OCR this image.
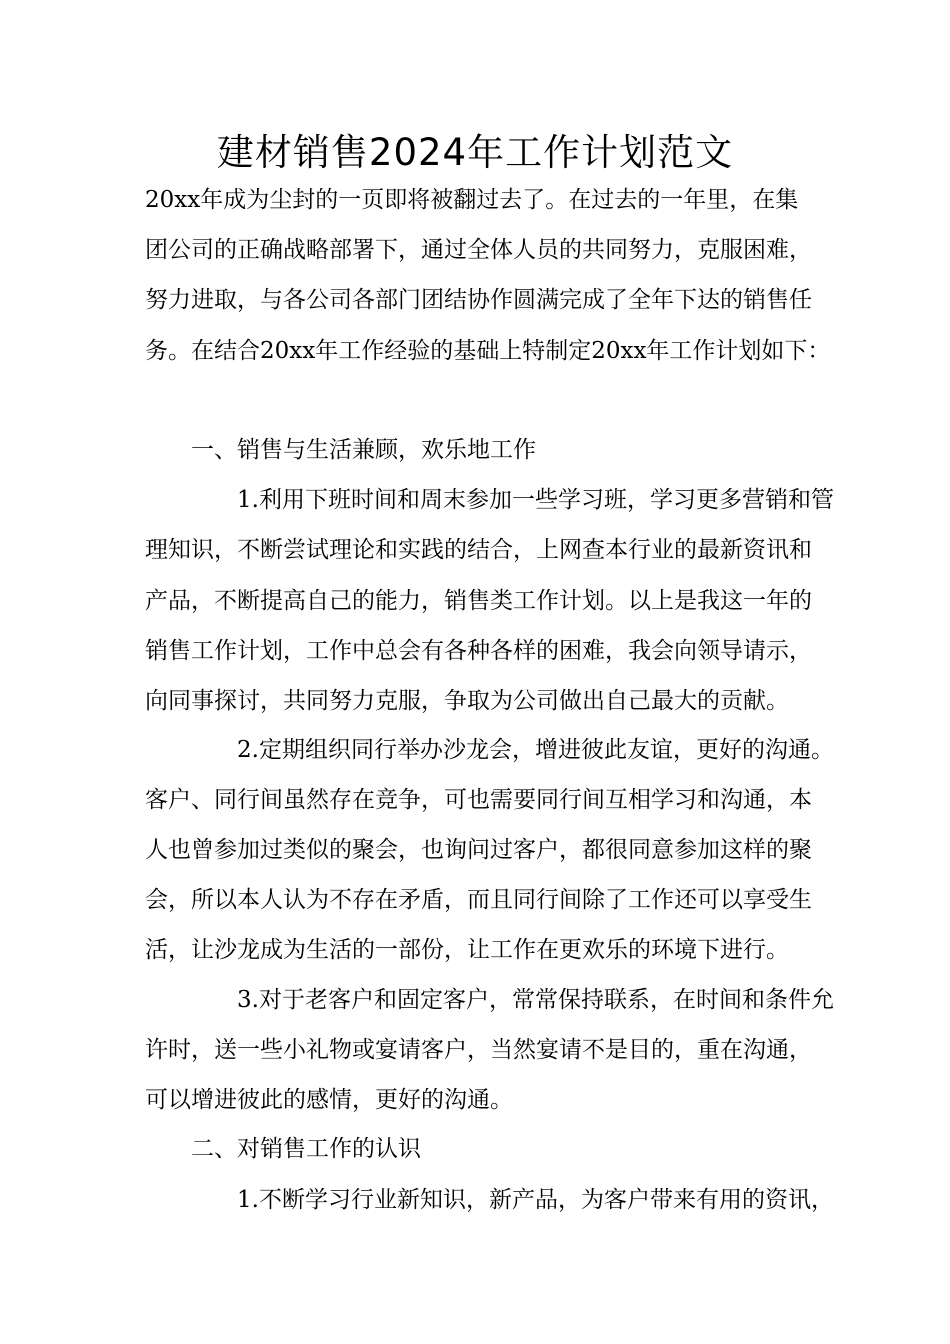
建材销售2024年工作计划范文

20xx年成为尘封的一页即将被翻过去了。在过去的一年里，在集

团公司的正确战略部署下，通过全体人员的共同努力，克服困难，

努力进取，与各公司各部门团结协作圆满完成了全年下达的销售任

务。在结合20xx年工作经验的基础上特制定20xx年工作计划如下：

　　一、销售与生活兼顾，欢乐地工作

　　　　1.利用下班时间和周末参加一些学习班，学习更多营销和管

理知识，不断尝试理论和实践的结合，上网查本行业的最新资讯和

产品，不断提高自己的能力，销售类工作计划。以上是我这一年的

销售工作计划，工作中总会有各种各样的困难，我会向领导请示，

向同事探讨，共同努力克服，争取为公司做出自己最大的贡献。

　　　　2.定期组织同行举办沙龙会，增进彼此友谊，更好的沟通。

客户、同行间虽然存在竞争，可也需要同行间互相学习和沟通，本

人也曾参加过类似的聚会，也询问过客户，都很同意参加这样的聚

会，所以本人认为不存在矛盾，而且同行间除了工作还可以享受生

活，让沙龙成为生活的一部份，让工作在更欢乐的环境下进行。

　　　　3.对于老客户和固定客户，常常保持联系，在时间和条件允

许时，送一些小礼物或宴请客户，当然宴请不是目的，重在沟通，

可以增进彼此的感情，更好的沟通。

　　二、对销售工作的认识

　　　　1.不断学习行业新知识，新产品，为客户带来有用的资讯，
